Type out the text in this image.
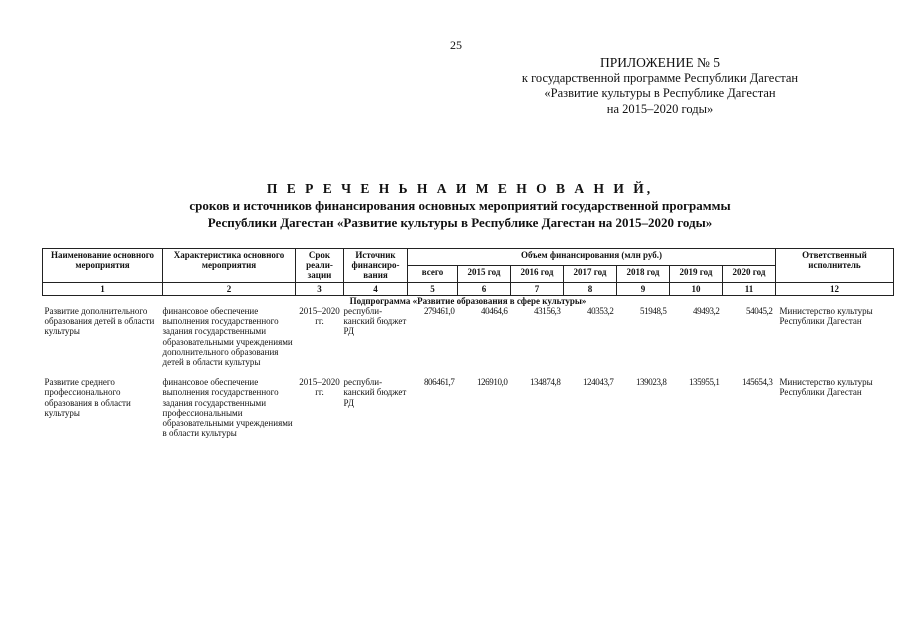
25
ПРИЛОЖЕНИЕ № 5
к государственной программе Республики Дагестан
«Развитие культуры в Республике Дагестан
на 2015–2020 годы»
П Е Р Е Ч Е Н Ь Н А И М Е Н О В А Н И Й,
сроков и источников финансирования основных мероприятий государственной программы
Республики Дагестан «Развитие культуры в Республике Дагестан на 2015–2020 годы»
Наименование основного мероприятия	Характеристика основного мероприятия	Срок реали-зации	Источник финансиро-вания	Объем финансирования (млн руб.)							Ответственный исполнитель
				всего	2015 год	2016 год	2017 год	2018 год	2019 год	2020 год	
1	2	3	4	5	6	7	8	9	10	11	12
Подпрограмма «Развитие образования в сфере культуры»											
Развитие дополнительного образования детей в области культуры	финансовое обеспечение выполнения государственного задания государственными образовательными учреждениями дополнительного образования детей в области культуры	2015–2020 гг.	республи-канский бюджет РД	279461,0	40464,6	43156,3	40353,2	51948,5	49493,2	54045,2	Министерство культуры Республики Дагестан

Развитие среднего профессионального образования в области культуры	финансовое обеспечение выполнения государственного задания государственными профессиональными образовательными учреждениями в области культуры	2015–2020 гг.	республи-канский бюджет РД	806461,7	126910,0	134874,8	124043,7	139023,8	135955,1	145654,3	Министерство культуры Республики Дагестан
